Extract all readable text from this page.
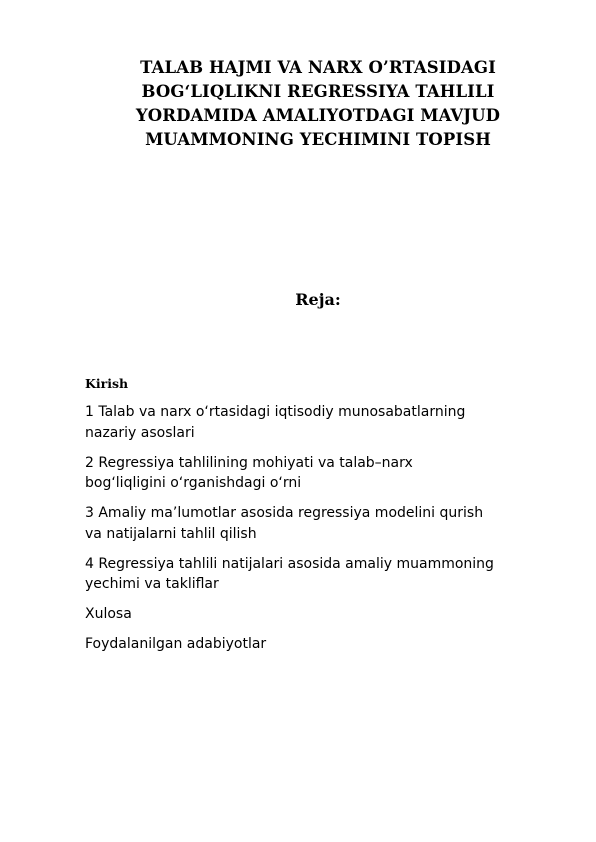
TALAB HAJMI VA NARX O’RTASIDAGI
BOG‘LIQLIKNI REGRESSIYA TAHLILI
YORDAMIDA AMALIYOTDAGI MAVJUD
MUAMMONING YECHIMINI TOPISH
Reja:

Kirish

1 Talab va narx o‘rtasidagi iqtisodiy munosabatlarning
nazariy asoslari
2 Regressiya tahlilining mohiyati va talab–narx
bog‘liqligini o‘rganishdagi o‘rni
3 Amaliy ma’lumotlar asosida regressiya modelini qurish
va natijalarni tahlil qilish
4 Regressiya tahlili natijalari asosida amaliy muammoning
yechimi va takliflar
Xulosa
Foydalanilgan adabiyotlar
